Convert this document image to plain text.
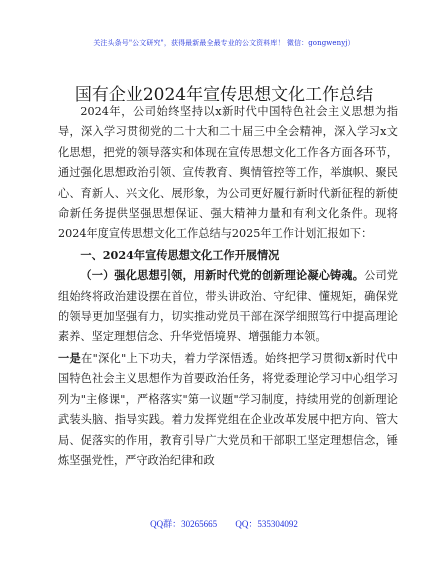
关注头条号"公文研究"，获得最新最全最专业的公文资料库！ 微信：gongwenyj）
国有企业2024年宣传思想文化工作总结

2024年，公司始终坚持以x新时代中国特色社会主义思想为指导，深入学习贯彻党的二十大和二十届三中全会精神，深入学习x文化思想，把党的领导落实和体现在宣传思想文化工作各方面各环节，通过强化思想政治引领、宣传教育、舆情管控等工作，举旗帜、聚民心、育新人、兴文化、展形象，为公司更好履行新时代新征程的新使命新任务提供坚强思想保证、强大精神力量和有利文化条件。现将2024年度宣传思想文化工作总结与2025年工作计划汇报如下：

一、2024年宣传思想文化工作开展情况

（一）强化思想引领，用新时代党的创新理论凝心铸魂。公司党组始终将政治建设摆在首位，带头讲政治、守纪律、懂规矩，确保党的领导更加坚强有力，切实推动党员干部在深学细照笃行中提高理论素养、坚定理想信念、升华党悟境界、增强能力本领。

一是在"深化"上下功夫，着力学深悟透。始终把学习贯彻x新时代中国特色社会主义思想作为首要政治任务，将党委理论学习中心组学习列为"主修课"，严格落实"第一议题"学习制度，持续用党的创新理论武装头脑、指导实践。着力发挥党组在企业改革发展中把方向、管大局、促落实的作用，教育引导广大党员和干部职工坚定理想信念，锤炼坚强党性，严守政治纪律和政

QQ群：30265665 QQ：535304092
